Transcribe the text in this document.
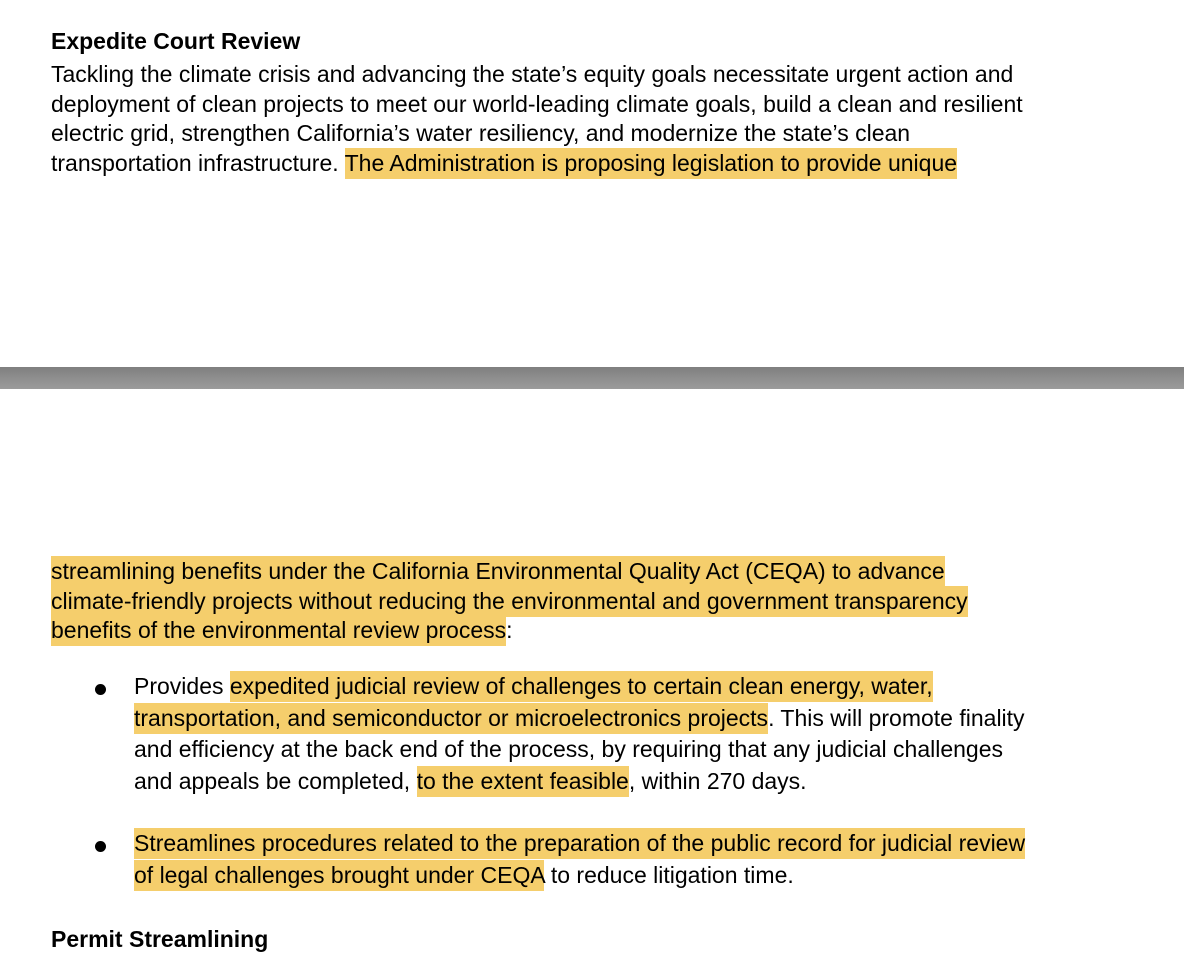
Expedite Court Review

Tackling the climate crisis and advancing the state’s equity goals necessitate urgent action and
deployment of clean projects to meet our world-leading climate goals, build a clean and resilient
electric grid, strengthen California’s water resiliency, and modernize the state’s clean
transportation infrastructure. The Administration is proposing legislation to provide unique

streamlining benefits under the California Environmental Quality Act (CEQA) to advance
climate-friendly projects without reducing the environmental and government transparency
benefits of the environmental review process:

Provides expedited judicial review of challenges to certain clean energy, water,
transportation, and semiconductor or microelectronics projects. This will promote finality
and efficiency at the back end of the process, by requiring that any judicial challenges
and appeals be completed, to the extent feasible, within 270 days.

Streamlines procedures related to the preparation of the public record for judicial review
of legal challenges brought under CEQA to reduce litigation time.

Permit Streamlining
